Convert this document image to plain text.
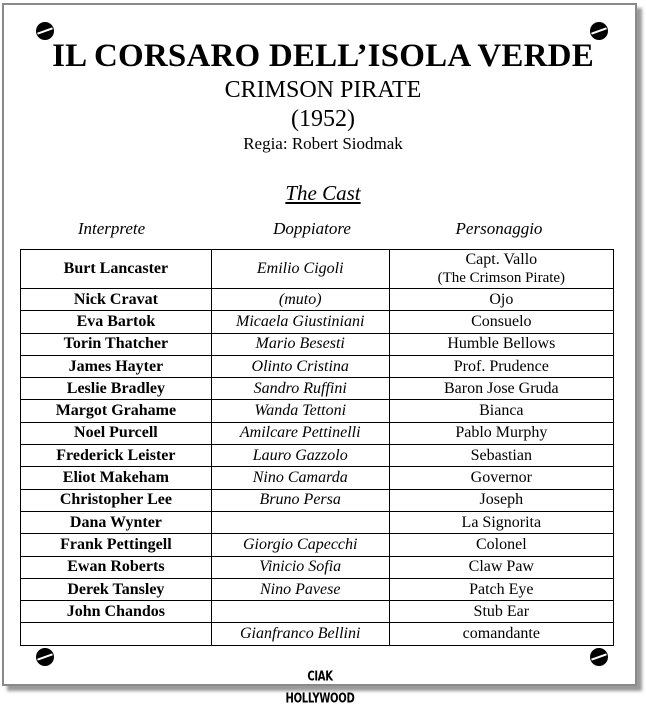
IL CORSARO DELL’ISOLA VERDE
CRIMSON PIRATE
(1952)
Regia: Robert Siodmak
The Cast
Interprete	Doppiatore	Personaggio
Burt Lancaster	Emilio Cigoli	Capt. Vallo
(The Crimson Pirate)

Nick Cravat	(muto)	Ojo
Eva Bartok	Micaela Giustiniani	Consuelo
Torin Thatcher	Mario Besesti	Humble Bellows
James Hayter	Olinto Cristina	Prof. Prudence
Leslie Bradley	Sandro Ruffini	Baron Jose Gruda
Margot Grahame	Wanda Tettoni	Bianca
Noel Purcell	Amilcare Pettinelli	Pablo Murphy
Frederick Leister	Lauro Gazzolo	Sebastian
Eliot Makeham	Nino Camarda	Governor
Christopher Lee	Bruno Persa	Joseph
Dana Wynter		La Signorita
Frank Pettingell	Giorgio Capecchi	Colonel
Ewan Roberts	Vinicio Sofia	Claw Paw
Derek Tansley	Nino Pavese	Patch Eye
John Chandos		Stub Ear
	Gianfranco Bellini	comandante
CIAK HOLLYWOOD
